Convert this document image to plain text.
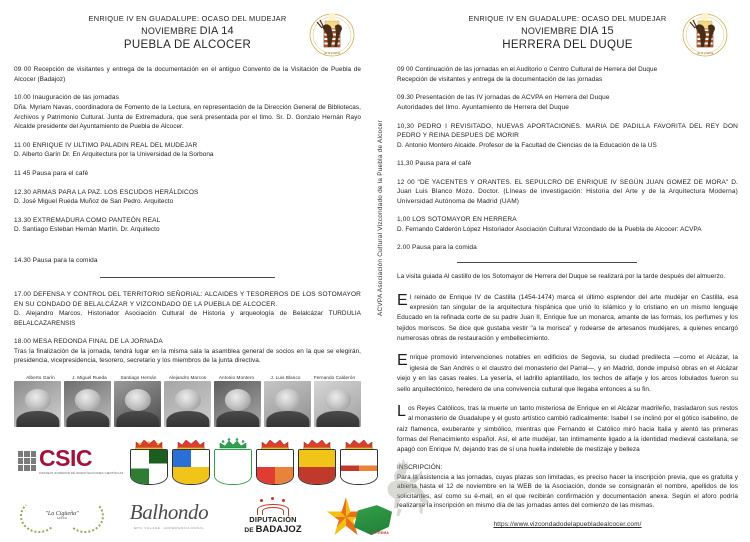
ENRIQUE IV EN GUADALUPE: OCASO DEL MUDEJAR
NOVIEMBRE DIA 14
PUEBLA DE ALCOCER
de la puebla
09 00 Recepción de visitantes y entrega de la documentación en el antiguo Convento de la Visitación de Puebla de Alcocer (Badajoz)
10.00 Inauguración de las jornadas
Dña. Myriam Navas, coordinadora de Fomento de la Lectura, en representación de la Dirección General de Bibliotecas, Archivos y Patrimonio Cultural. Junta de Extremadura, que será presentada por el Ilmo. Sr. D. Gonzalo Hernán Rayo Alcalde presidente del Ayuntamiento de Puebla de Alcocer.
11 00 ENRIQUE IV ULTIMO PALADIN REAL DEL MUDEJAR
D. Alberto Garín Dr. En Arquitectura por la Universidad de la Sorbona
11 45 Pausa para el café
12.30 ARMAS PARA LA PAZ. LOS ESCUDOS HERÁLDICOS
D. José Miguel Rueda Muñoz de San Pedro. Arquitecto
13.30 EXTREMADURA COMO PANTEÓN REAL
D. Santiago Esteban Hernán Martín. Dr. Arquitecto
14.30 Pausa para la comida
17.00 DEFENSA Y CONTROL DEL TERRITORIO SEÑORIAL: ALCAIDES Y TESOREROS DE LOS SOTOMAYOR EN SU CONDADO DE BELALCÁZAR Y VIZCONDADO DE LA PUEBLA DE ALCOCER.
D. Alejandro Marcos, Historiador Asociación Cultural de Historia y arqueología de Belalcázar TURDULIA BELALCAZARENSIS
18.00 MESA REDONDA FINAL DE LA JORNADA
Tras la finalización de la jornada, tendrá lugar en la misma sala la asamblea general de socios en la que se elegirán, presidencia, vicepresidencia, tesorero, secretario y los miembros de la junta directiva.
Alberto Garín	J. Miguel Rueda	Santiago Hernán	Alejandro Marcos	Antonio Montero	J. Luis Blanco	Fernando Calderón
CSIC
CONSEJO SUPERIOR DE INVESTIGACIONES CIENTÍFICAS
"La Cigüeña"
GRUPO	Balhondo
EPIC VILLAGE · EXPERIENCIA RURAL
DIPUTACIÓN
DE BADAJOZ	EXTREMA
ACVPA Asociación Cultural Vizcondado de la Puebla de Alcocer
ENRIQUE IV EN GUADALUPE: OCASO DEL MUDEJAR
NOVIEMBRE DIA 15
HERRERA DEL DUQUE
de la puebla
09 00 Continuación de las jornadas en el Auditorio o Centro Cultural de Herrera del Duque
Recepción de visitantes y entrega de la documentación de las jornadas
09.30 Presentación de las IV jornadas de ACVPA en Herrera del Duque
Autoridades del Ilmo. Ayuntamiento de Herrera del Duque
10,30 PEDRO I REVISITADO, NUEVAS APORTACIONES. MARIA DE PADILLA FAVORITA DEL REY DON PEDRO Y REINA DESPUES DE MORIR
D. Antonio Montero Alcaide. Profesor de la Facultad de Ciencias de la Educación de la US
11,30 Pausa para el café
12 00 "DE YACENTES Y ORANTES. EL SEPULCRO DE ENRIQUE IV SEGÚN JUAN GOMEZ DE MORA" D. Juan Luis Blanco Mozo. Doctor. (Líneas de investigación: Historia del Arte y de la Arquitectura Moderna) Universidad Autónoma de Madrid (UAM)
1,00 LOS SOTOMAYOR EN HERRERA
D. Fernando Calderón López Historiador Asociación Cultural Vizcondado de la Puebla de Alcocer: ACVPA
2.00 Pausa para la comida
La visita guiada Al castillo de los Sotomayor de Herrera del Duque se realizará por la tarde después del almuerzo.
El reinado de Enrique IV de Castilla (1454-1474) marca el último esplendor del arte mudéjar en Castilla, esa expresión tan singular de la arquitectura hispánica que unió lo islámico y lo cristiano en un mismo lenguaje Educado en la refinada corte de su padre Juan II, Enrique fue un monarca, amante de las formas, los perfumes y los tejidos moriscos. Se dice que gustaba vestir "a la morisca" y rodearse de artesanos mudéjares, a quienes encargó numerosas obras de restauración y embellecimiento.
Enrique promovió intervenciones notables en edificios de Segovia, su ciudad predilecta —como el Alcázar, la iglesia de San Andrés o el claustro del monasterio del Parral—, y en Madrid, donde impulsó obras en el Alcázar viejo y en las casas reales. La yesería, el ladrillo aplantillado, los techos de alfarje y los arcos lobulados fueron su sello arquitectónico, heredero de una convivencia cultural que llegaba entonces a su fin.
Los Reyes Católicos, tras la muerte un tanto misteriosa de Enrique en el Alcázar madrileño, trasladaron sus restos al monasterio de Guadalupe y el gusto artístico cambió radicalmente: Isabel I se inclinó por el gótico isabelino, de raíz flamenca, exuberante y simbólico, mientras que Fernando el Católico miró hacia Italia y alentó las primeras formas del Renacimiento español. Así, el arte mudéjar, tan íntimamente ligado a la identidad medieval castellana, se apagó con Enrique IV, dejando tras de sí una huella indeleble de mestizaje y belleza
INSCRIPCIÓN:
Para la asistencia a las jornadas, cuyas plazas son limitadas, es preciso hacer la inscripción previa, que es gratuita y abierta hasta el 12 de noviembre en la WEB de la Asociación, donde se consignarán el nombre, apellidos de los solicitantes, así como su é-mail, en el que recibirán confirmación y documentación anexa. Según el aforo podría realizarse la inscripción en mismo día de las jornadas antes del comienzo de las mismas.
https://www.vizcondadodelapuebladealcocer.com/
